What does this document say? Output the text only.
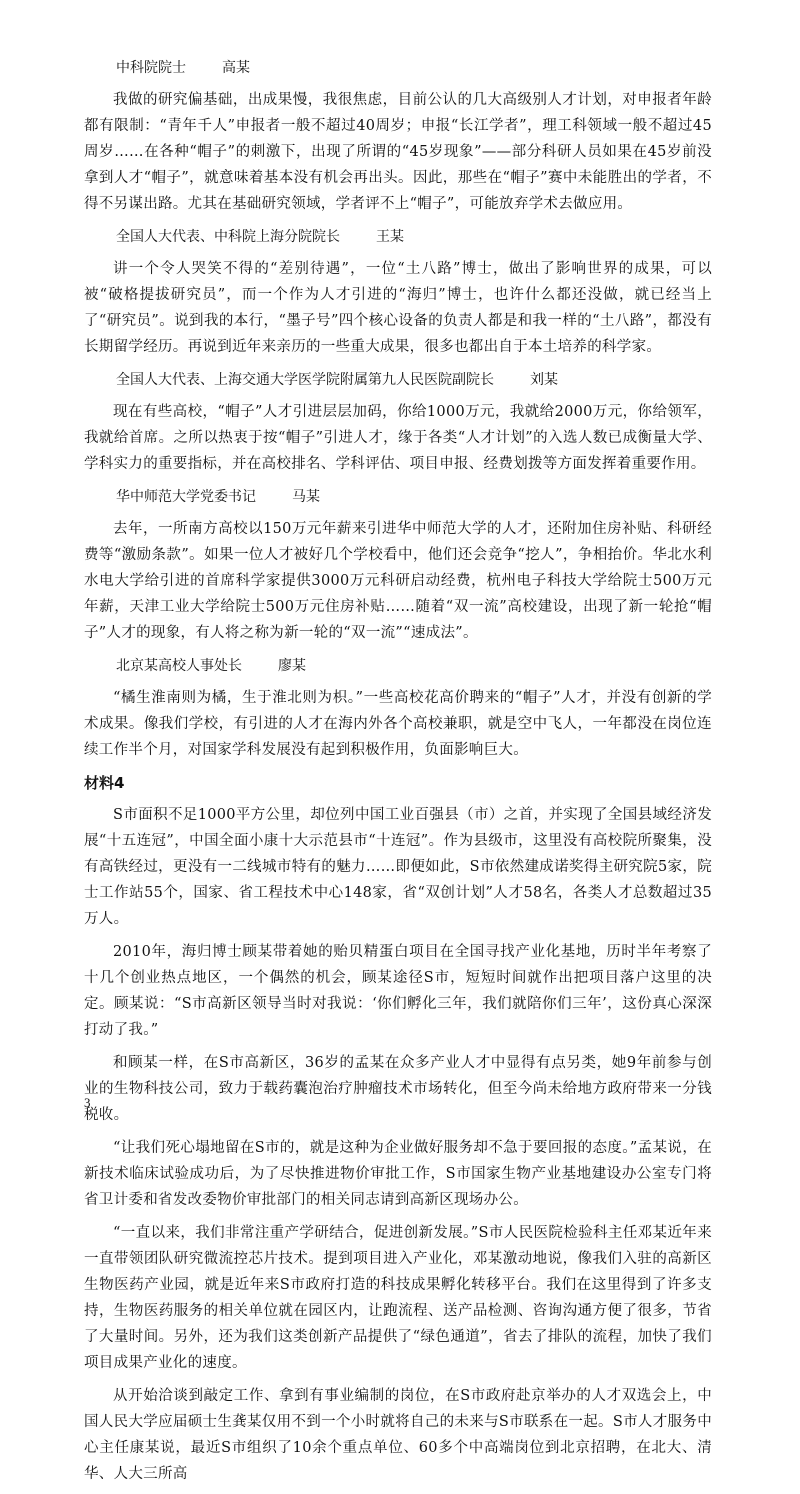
中科院院士	高某

我做的研究偏基础，出成果慢，我很焦虑，目前公认的几大高级别人才计划，对申报者年龄都有限制：“青年千人”申报者一般不超过40周岁；申报“长江学者”，理工科领域一般不超过45周岁……在各种“帽子”的刺激下，出现了所谓的“45岁现象”——部分科研人员如果在45岁前没拿到人才“帽子”，就意味着基本没有机会再出头。因此，那些在“帽子”赛中未能胜出的学者，不得不另谋出路。尤其在基础研究领域，学者评不上“帽子”，可能放弃学术去做应用。

全国人大代表、中科院上海分院院长	王某

讲一个令人哭笑不得的“差别待遇”，一位“土八路”博士，做出了影响世界的成果，可以被“破格提拔研究员”，而一个作为人才引进的“海归”博士，也许什么都还没做，就已经当上了“研究员”。说到我的本行，“墨子号”四个核心设备的负责人都是和我一样的“土八路”，都没有长期留学经历。再说到近年来亲历的一些重大成果，很多也都出自于本土培养的科学家。

全国人大代表、上海交通大学医学院附属第九人民医院副院长	刘某

现在有些高校，“帽子”人才引进层层加码，你给1000万元，我就给2000万元，你给领军，我就给首席。之所以热衷于按“帽子”引进人才，缘于各类“人才计划”的入选人数已成衡量大学、学科实力的重要指标，并在高校排名、学科评估、项目申报、经费划拨等方面发挥着重要作用。

华中师范大学党委书记	马某

去年，一所南方高校以150万元年薪来引进华中师范大学的人才，还附加住房补贴、科研经费等“激励条款”。如果一位人才被好几个学校看中，他们还会竞争“挖人”，争相抬价。华北水利水电大学给引进的首席科学家提供3000万元科研启动经费，杭州电子科技大学给院士500万元年薪，天津工业大学给院士500万元住房补贴……随着“双一流”高校建设，出现了新一轮抢“帽子”人才的现象，有人将之称为新一轮的“双一流”“速成法”。

北京某高校人事处长	廖某

“橘生淮南则为橘，生于淮北则为枳。”一些高校花高价聘来的“帽子”人才，并没有创新的学术成果。像我们学校，有引进的人才在海内外各个高校兼职，就是空中飞人，一年都没在岗位连续工作半个月，对国家学科发展没有起到积极作用，负面影响巨大。

材料4

S市面积不足1000平方公里，却位列中国工业百强县（市）之首，并实现了全国县域经济发展“十五连冠”，中国全面小康十大示范县市“十连冠”。作为县级市，这里没有高校院所聚集，没有高铁经过，更没有一二线城市特有的魅力……即便如此，S市依然建成诺奖得主研究院5家，院士工作站55个，国家、省工程技术中心148家，省“双创计划”人才58名，各类人才总数超过35万人。

2010年，海归博士顾某带着她的贻贝精蛋白项目在全国寻找产业化基地，历时半年考察了十几个创业热点地区，一个偶然的机会，顾某途径S市，短短时间就作出把项目落户这里的决定。顾某说：“S市高新区领导当时对我说：‘你们孵化三年，我们就陪你们三年’，这份真心深深打动了我。”

和顾某一样，在S市高新区，36岁的孟某在众多产业人才中显得有点另类，她9年前参与创业的生物科技公司，致力于载药囊泡治疗肿瘤技术市场转化，但至今尚未给地方政府带来一分钱税收。

“让我们死心塌地留在S市的，就是这种为企业做好服务却不急于要回报的态度。”孟某说，在新技术临床试验成功后，为了尽快推进物价审批工作，S市国家生物产业基地建设办公室专门将省卫计委和省发改委物价审批部门的相关同志请到高新区现场办公。

“一直以来，我们非常注重产学研结合，促进创新发展。”S市人民医院检验科主任邓某近年来一直带领团队研究微流控芯片技术。提到项目进入产业化，邓某激动地说，像我们入驻的高新区生物医药产业园，就是近年来S市政府打造的科技成果孵化转移平台。我们在这里得到了许多支持，生物医药服务的相关单位就在园区内，让跑流程、送产品检测、咨询沟通方便了很多，节省了大量时间。另外，还为我们这类创新产品提供了“绿色通道”，省去了排队的流程，加快了我们项目成果产业化的速度。

从开始洽谈到敲定工作、拿到有事业编制的岗位，在S市政府赴京举办的人才双选会上，中国人民大学应届硕士生龚某仅用不到一个小时就将自己的未来与S市联系在一起。S市人才服务中心主任康某说，最近S市组织了10余个重点单位、60多个中高端岗位到北京招聘，在北大、清华、人大三所高

3
